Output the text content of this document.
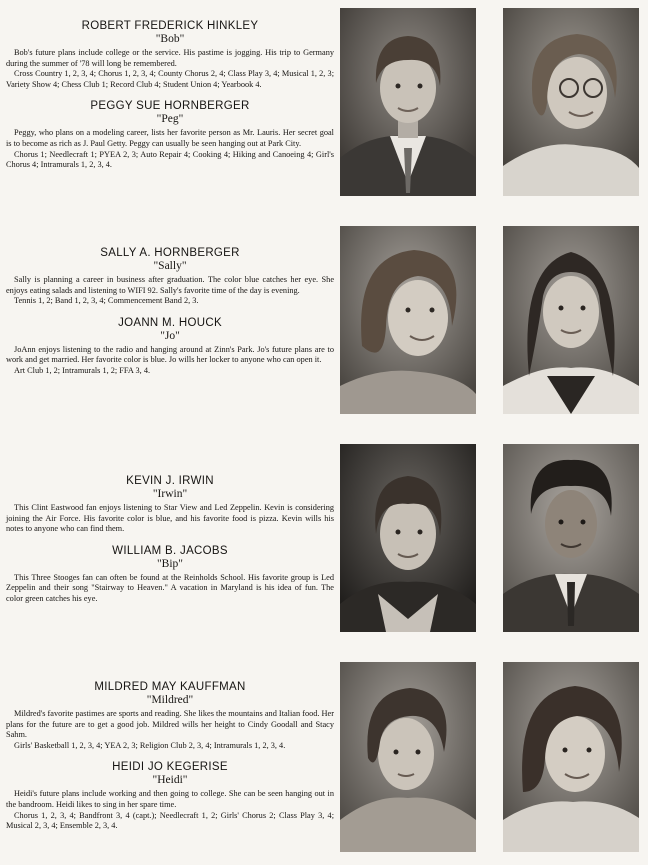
ROBERT FREDERICK HINKLEY
"Bob"
Bob's future plans include college or the service. His pastime is jogging. His trip to Germany during the summer of '78 will long be remembered.
Cross Country 1, 2, 3, 4; Chorus 1, 2, 3, 4; County Chorus 2, 4; Class Play 3, 4; Musical 1, 2, 3; Variety Show 4; Chess Club 1; Record Club 4; Student Union 4; Yearbook 4.
PEGGY SUE HORNBERGER
"Peg"
Peggy, who plans on a modeling career, lists her favorite person as Mr. Lauris. Her secret goal is to become as rich as J. Paul Getty. Peggy can usually be seen hanging out at Park City.
Chorus 1; Needlecraft 1; PYEA 2, 3; Auto Repair 4; Cooking 4; Hiking and Canoeing 4; Girl's Chorus 4; Intramurals 1, 2, 3, 4.
SALLY A. HORNBERGER
"Sally"
Sally is planning a career in business after graduation. The color blue catches her eye. She enjoys eating salads and listening to WIFI 92. Sally's favorite time of the day is evening.
Tennis 1, 2; Band 1, 2, 3, 4; Commencement Band 2, 3.
JOANN M. HOUCK
"Jo"
JoAnn enjoys listening to the radio and hanging around at Zinn's Park. Jo's future plans are to work and get married. Her favorite color is blue. Jo wills her locker to anyone who can open it.
Art Club 1, 2; Intramurals 1, 2; FFA 3, 4.
KEVIN J. IRWIN
"Irwin"
This Clint Eastwood fan enjoys listening to Star View and Led Zeppelin. Kevin is considering joining the Air Force. His favorite color is blue, and his favorite food is pizza. Kevin wills his notes to anyone who can find them.
WILLIAM B. JACOBS
"Bip"
This Three Stooges fan can often be found at the Reinholds School. His favorite group is Led Zeppelin and their song "Stairway to Heaven." A vacation in Maryland is his idea of fun. The color green catches his eye.
MILDRED MAY KAUFFMAN
"Mildred"
Mildred's favorite pastimes are sports and reading. She likes the mountains and Italian food. Her plans for the future are to get a good job. Mildred wills her height to Cindy Goodall and Stacy Sahm.
Girls' Basketball 1, 2, 3, 4; YEA 2, 3; Religion Club 2, 3, 4; Intramurals 1, 2, 3, 4.
HEIDI JO KEGERISE
"Heidi"
Heidi's future plans include working and then going to college. She can be seen hanging out in the bandroom. Heidi likes to sing in her spare time.
Chorus 1, 2, 3, 4; Bandfront 3, 4 (capt.); Needlecraft 1, 2; Girls' Chorus 2; Class Play 3, 4; Musical 2, 3, 4; Ensemble 2, 3, 4.
